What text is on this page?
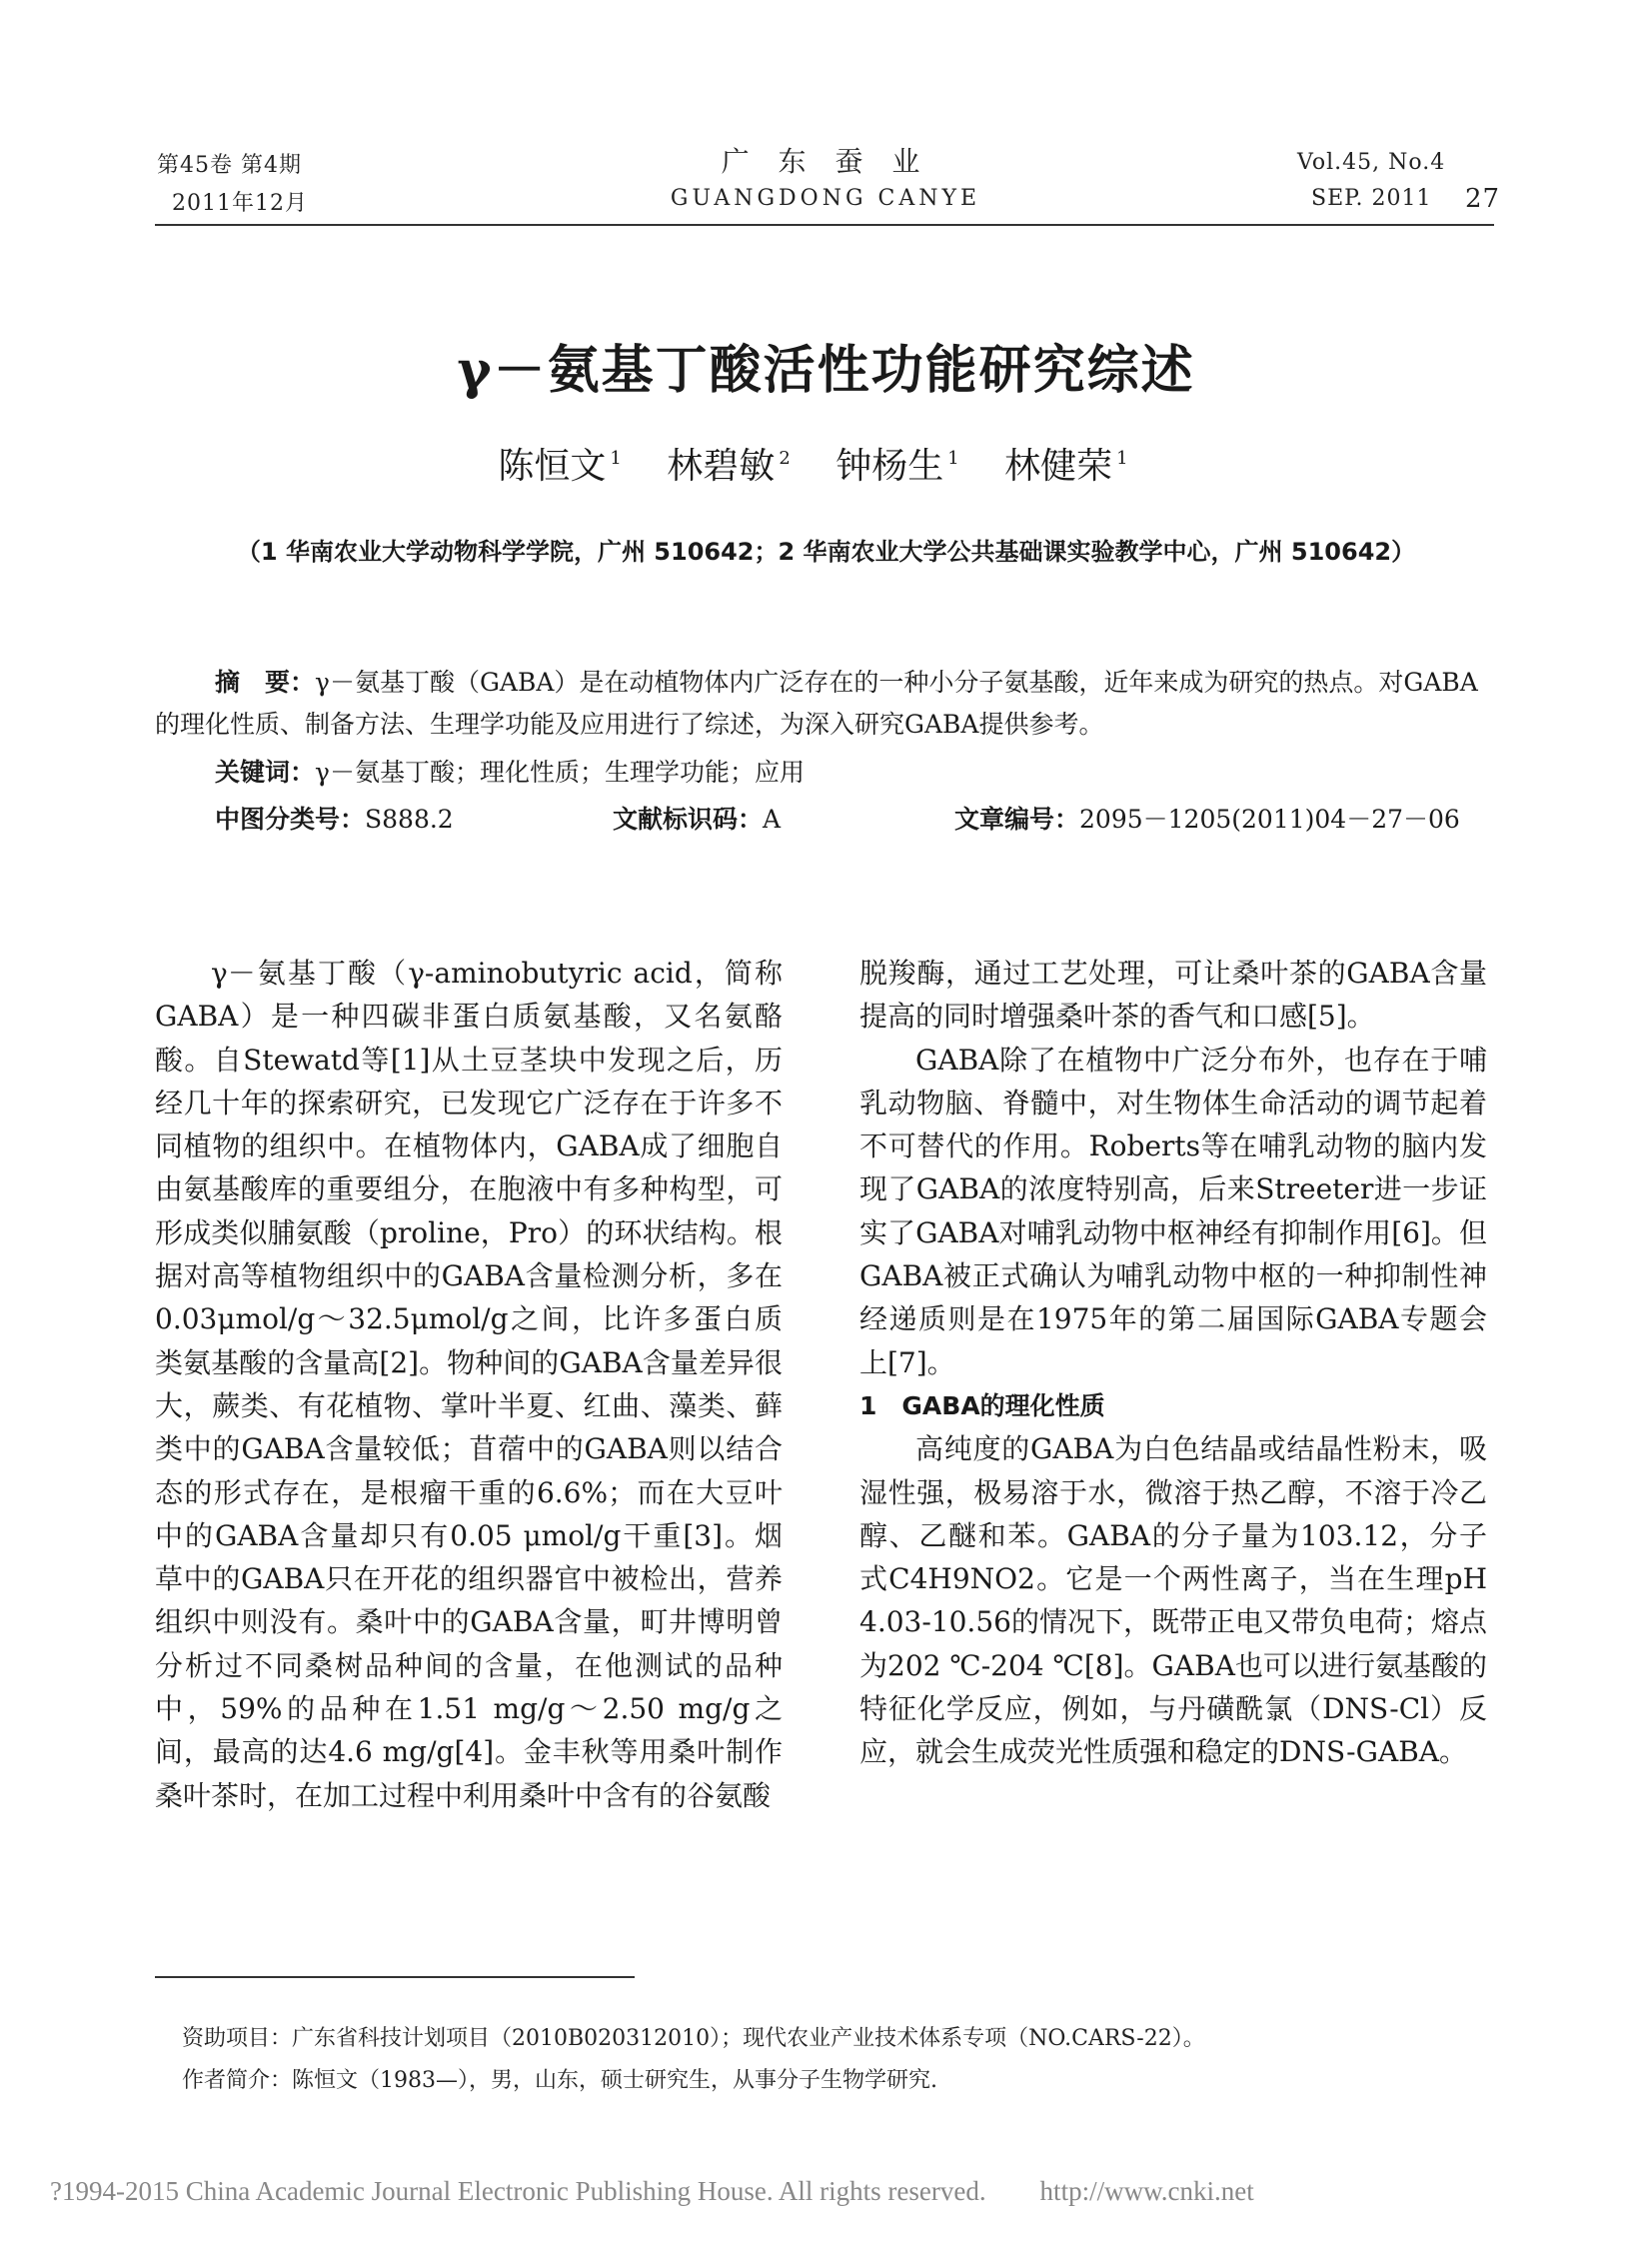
第45卷 第4期
2011年12月
广 东 蚕 业
GUANGDONG CANYE
Vol.45, No.4
SEP. 2011 27
γ－氨基丁酸活性功能研究综述
陈恒文 $^1$ 林碧敏 $^2$ 钟杨生 $^1$ 林健荣 $^1$
（1 华南农业大学动物科学学院，广州 510642；2 华南农业大学公共基础课实验教学中心，广州 510642）
摘　要：γ－氨基丁酸（GABA）是在动植物体内广泛存在的一种小分子氨基酸，近年来成为研究的热点。对GABA的理化性质、制备方法、生理学功能及应用进行了综述，为深入研究GABA提供参考。
关键词：γ－氨基丁酸；理化性质；生理学功能；应用
中图分类号：S888.2	文献标识码：A	文章编号：2095－1205(2011)04－27－06

γ－氨基丁酸（γ-aminobutyric acid，简称GABA）是一种四碳非蛋白质氨基酸，又名氨酪酸。自Stewatd等[1]从土豆茎块中发现之后，历经几十年的探索研究，已发现它广泛存在于许多不同植物的组织中。在植物体内，GABA成了细胞自由氨基酸库的重要组分，在胞液中有多种构型，可形成类似脯氨酸（proline，Pro）的环状结构。根据对高等植物组织中的GABA含量检测分析，多在0.03μmol/g～32.5μmol/g之间，比许多蛋白质类氨基酸的含量高[2]。物种间的GABA含量差异很大，蕨类、有花植物、掌叶半夏、红曲、藻类、藓类中的GABA含量较低；苜蓿中的GABA则以结合态的形式存在，是根瘤干重的6.6%；而在大豆叶中的GABA含量却只有0.05 μmol/g干重[3]。烟草中的GABA只在开花的组织器官中被检出，营养组织中则没有。桑叶中的GABA含量，町井博明曾分析过不同桑树品种间的含量，在他测试的品种中，59%的品种在1.51 mg/g～2.50 mg/g之间，最高的达4.6 mg/g[4]。金丰秋等用桑叶制作桑叶茶时，在加工过程中利用桑叶中含有的谷氨酸

脱羧酶，通过工艺处理，可让桑叶茶的GABA含量提高的同时增强桑叶茶的香气和口感[5]。

GABA除了在植物中广泛分布外，也存在于哺乳动物脑、脊髓中，对生物体生命活动的调节起着不可替代的作用。Roberts等在哺乳动物的脑内发现了GABA的浓度特别高，后来Streeter进一步证实了GABA对哺乳动物中枢神经有抑制作用[6]。但GABA被正式确认为哺乳动物中枢的一种抑制性神经递质则是在1975年的第二届国际GABA专题会上[7]。

1　GABA的理化性质

高纯度的GABA为白色结晶或结晶性粉末，吸湿性强，极易溶于水，微溶于热乙醇，不溶于冷乙醇、乙醚和苯。GABA的分子量为103.12，分子式C4H9NO2。它是一个两性离子，当在生理pH 4.03-10.56的情况下，既带正电又带负电荷；熔点为202 ℃-204 ℃[8]。GABA也可以进行氨基酸的特征化学反应，例如，与丹磺酰氯（DNS-Cl）反应，就会生成荧光性质强和稳定的DNS-GABA。

资助项目：广东省科技计划项目（2010B020312010）；现代农业产业技术体系专项（NO.CARS-22）。
作者简介：陈恒文（1983—），男，山东，硕士研究生，从事分子生物学研究.
?1994-2015 China Academic Journal Electronic Publishing House. All rights reserved.　　http://www.cnki.net
